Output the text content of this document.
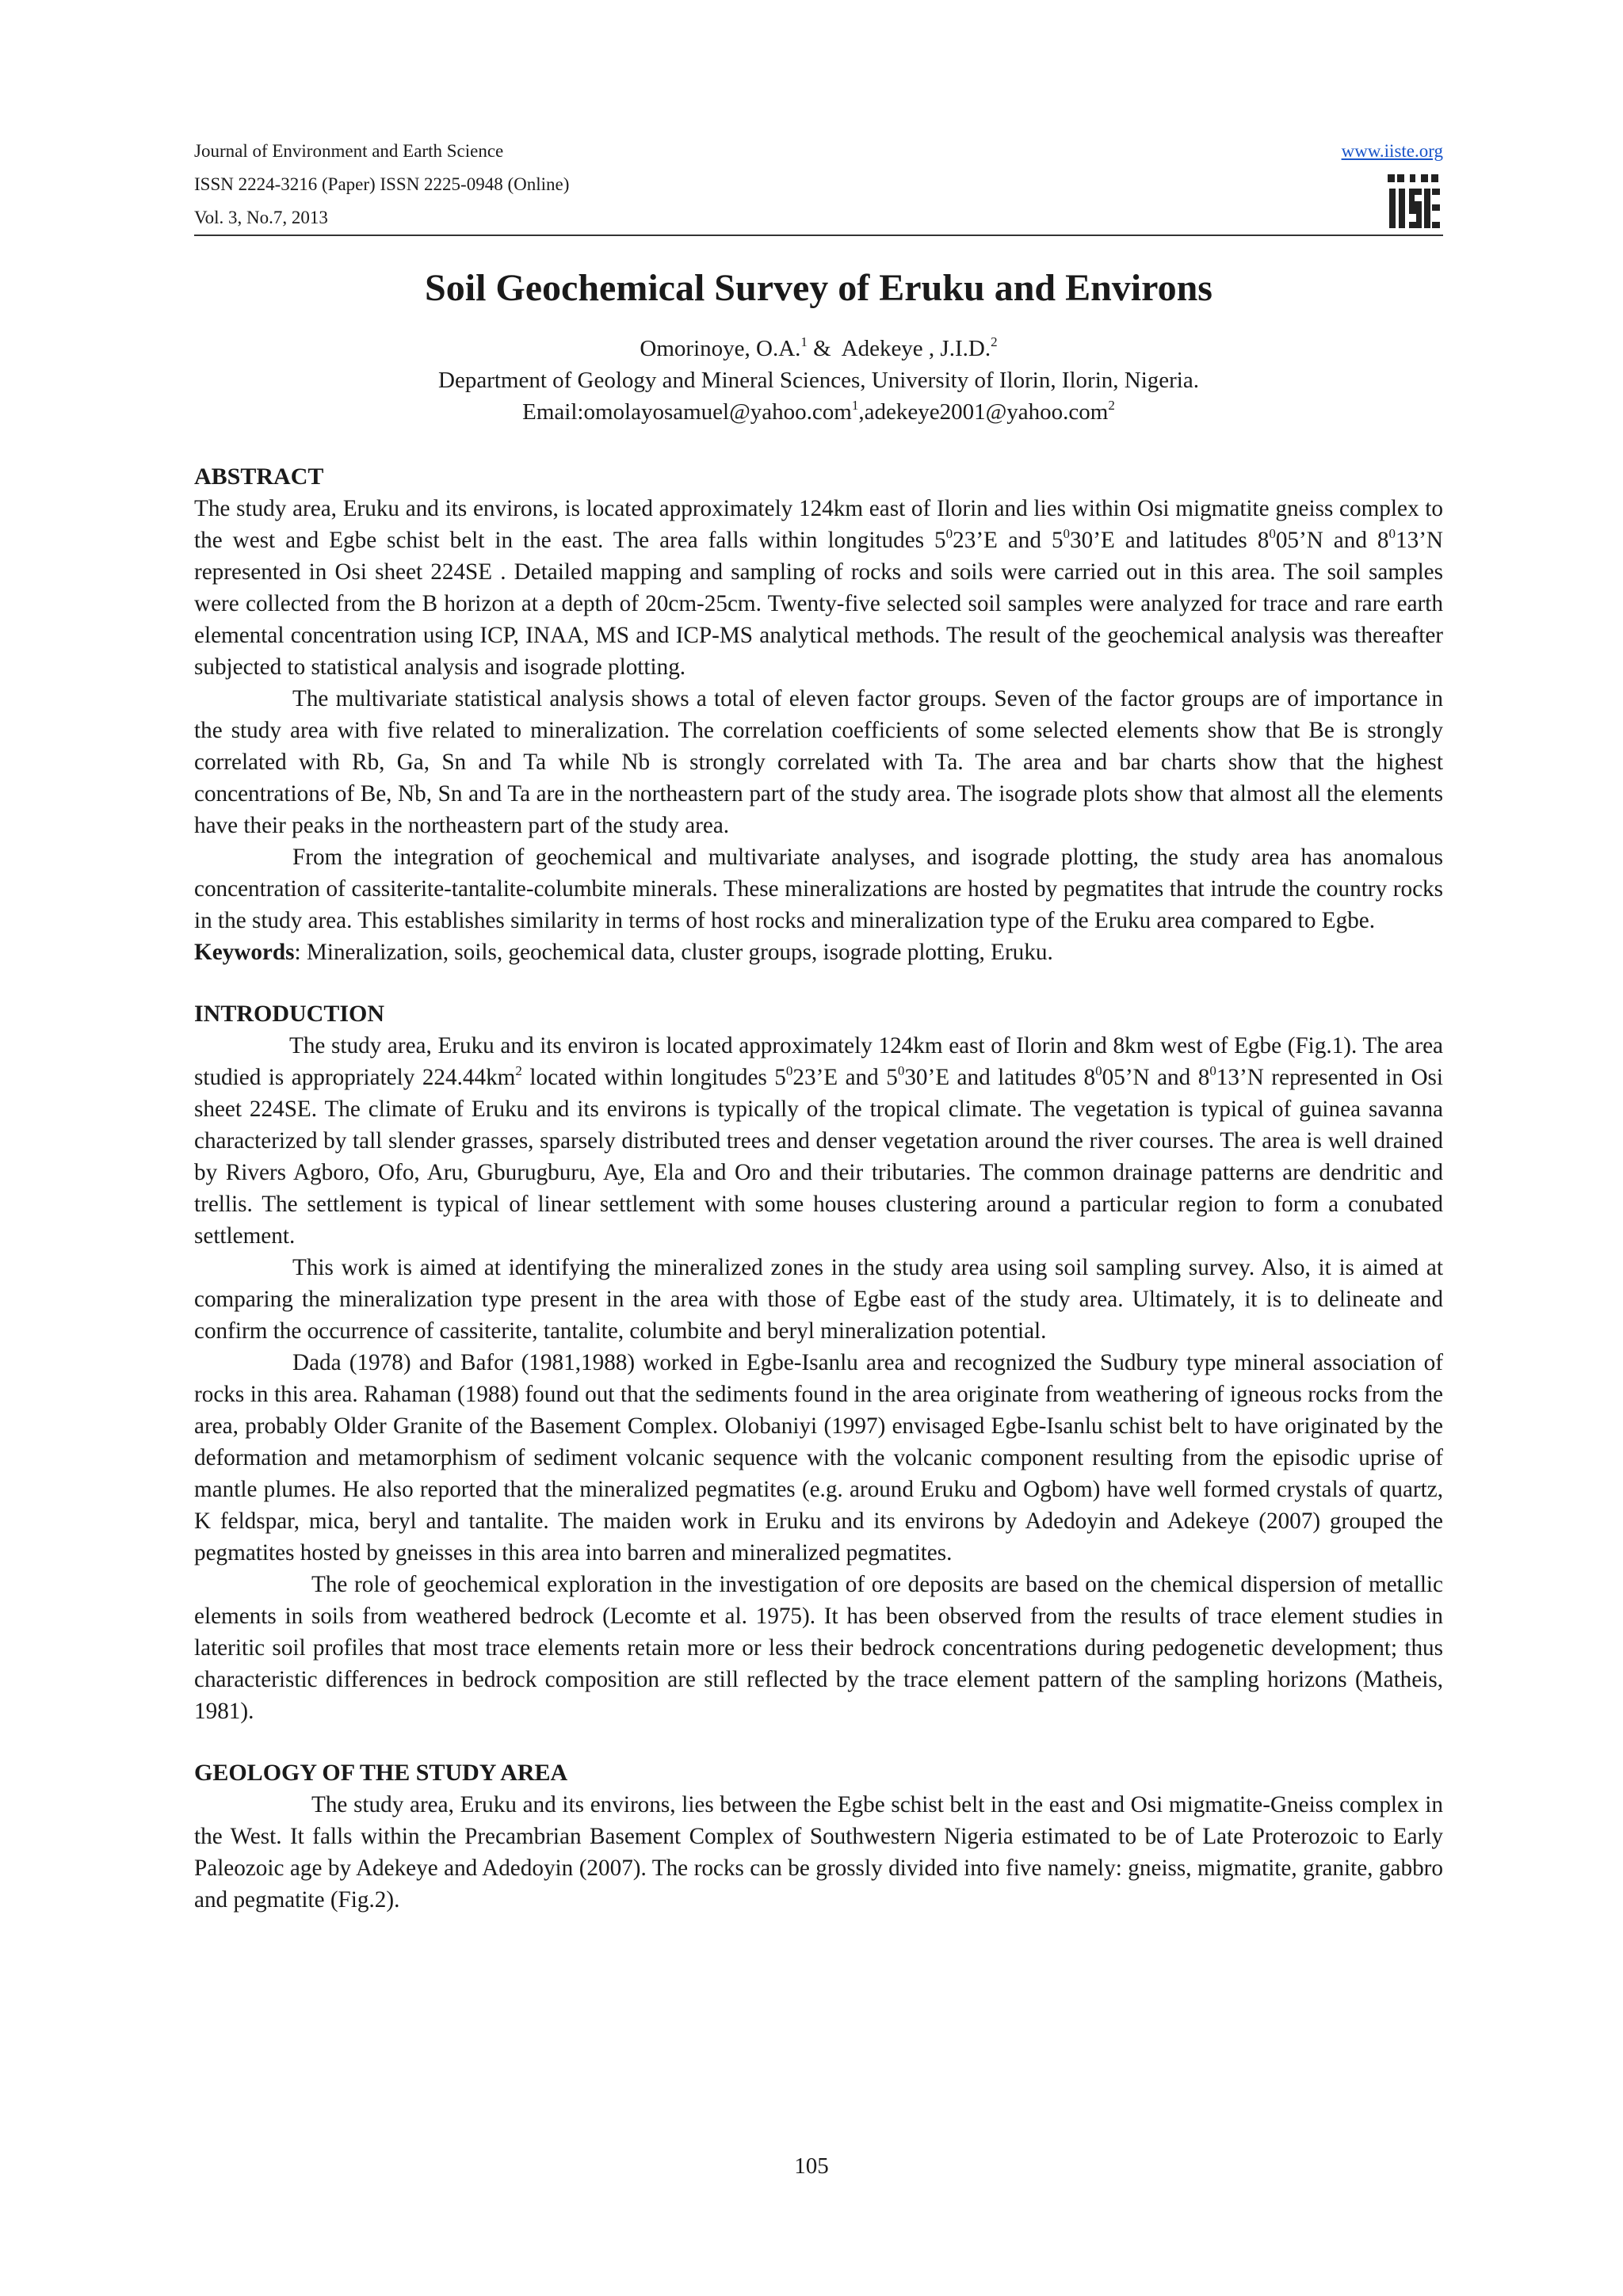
Journal of Environment and Earth Science
ISSN 2224-3216 (Paper) ISSN 2225-0948 (Online)
Vol. 3, No.7, 2013
www.iiste.org
Soil Geochemical Survey of Eruku and Environs
Omorinoye, O.A.$^1$ &  Adekeye , J.I.D.$^2$
Department of Geology and Mineral Sciences, University of Ilorin, Ilorin, Nigeria.
Email:omolayosamuel@yahoo.com$^1$,adekeye2001@yahoo.com$^2$
ABSTRACT

The study area, Eruku and its environs, is located approximately 124km east of Ilorin and lies within Osi migmatite gneiss complex to the west and Egbe schist belt in the east. The area falls within longitudes $5^023’E$ and $5^030’E$ and latitudes $8^005’N$ and $8^013’N$ represented in Osi sheet 224SE . Detailed mapping and sampling of rocks and soils were carried out in this area. The soil samples were collected from the B horizon at a depth of 20cm-25cm. Twenty-five selected soil samples were analyzed for trace and rare earth elemental concentration using ICP, INAA, MS and ICP-MS analytical methods. The result of the geochemical analysis was thereafter subjected to statistical analysis and isograde plotting.

The multivariate statistical analysis shows a total of eleven factor groups. Seven of the factor groups are of importance in the study area with five related to mineralization. The correlation coefficients of some selected elements show that Be is strongly correlated with Rb, Ga, Sn and Ta while Nb is strongly correlated with Ta. The area and bar charts show that the highest concentrations of Be, Nb, Sn and Ta are in the northeastern part of the study area. The isograde plots show that almost all the elements have their peaks in the northeastern part of the study area.

From the integration of geochemical and multivariate analyses, and isograde plotting, the study area has anomalous concentration of cassiterite-tantalite-columbite minerals. These mineralizations are hosted by pegmatites that intrude the country rocks in the study area. This establishes similarity in terms of host rocks and mineralization type of the Eruku area compared to Egbe.

Keywords: Mineralization, soils, geochemical data, cluster groups, isograde plotting, Eruku.

INTRODUCTION

The study area, Eruku and its environ is located approximately 124km east of Ilorin and 8km west of Egbe (Fig.1). The area studied is appropriately $224.44km^2$ located within longitudes $5^023’E$ and $5^030’E$ and latitudes $8^005’N$ and $8^013’N$ represented in Osi sheet 224SE. The climate of Eruku and its environs is typically of the tropical climate. The vegetation is typical of guinea savanna characterized by tall slender grasses, sparsely distributed trees and denser vegetation around the river courses. The area is well drained by Rivers Agboro, Ofo, Aru, Gburugburu, Aye, Ela and Oro and their tributaries. The common drainage patterns are dendritic and trellis. The settlement is typical of linear settlement with some houses clustering around a particular region to form a conubated settlement.

This work is aimed at identifying the mineralized zones in the study area using soil sampling survey. Also, it is aimed at comparing the mineralization type present in the area with those of Egbe east of the study area. Ultimately, it is to delineate and confirm the occurrence of cassiterite, tantalite, columbite and beryl mineralization potential.

Dada (1978) and Bafor (1981,1988) worked in Egbe-Isanlu area and recognized the Sudbury type mineral association of rocks in this area. Rahaman (1988) found out that the sediments found in the area originate from weathering of igneous rocks from the area, probably Older Granite of the Basement Complex. Olobaniyi (1997) envisaged Egbe-Isanlu schist belt to have originated by the deformation and metamorphism of sediment volcanic sequence with the volcanic component resulting from the episodic uprise of mantle plumes. He also reported that the mineralized pegmatites (e.g. around Eruku and Ogbom) have well formed crystals of quartz, K feldspar, mica, beryl and tantalite. The maiden work in Eruku and its environs by Adedoyin and Adekeye (2007) grouped the pegmatites hosted by gneisses in this area into barren and mineralized pegmatites.

The role of geochemical exploration in the investigation of ore deposits are based on the chemical dispersion of metallic elements in soils from weathered bedrock (Lecomte et al. 1975). It has been observed from the results of trace element studies in lateritic soil profiles that most trace elements retain more or less their bedrock concentrations during pedogenetic development; thus characteristic differences in bedrock composition are still reflected by the trace element pattern of the sampling horizons (Matheis, 1981).

GEOLOGY OF THE STUDY AREA

The study area, Eruku and its environs, lies between the Egbe schist belt in the east and Osi migmatite-Gneiss complex in the West. It falls within the Precambrian Basement Complex of Southwestern Nigeria estimated to be of Late Proterozoic to Early Paleozoic age by Adekeye and Adedoyin (2007). The rocks can be grossly divided into five namely: gneiss, migmatite, granite, gabbro and pegmatite (Fig.2).

105
